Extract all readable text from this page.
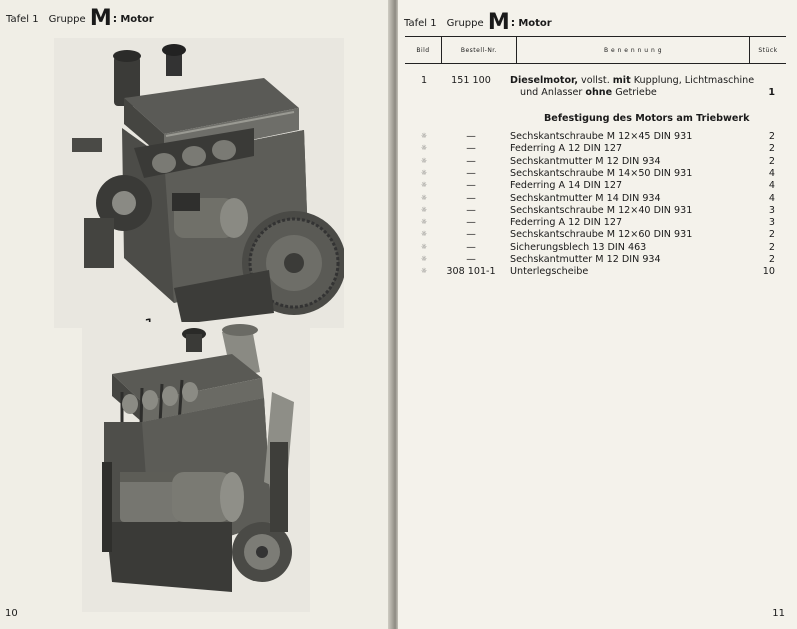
Tafel 1 Gruppe M: Motor
10
Tafel 1 Gruppe M: Motor
Bild	Bestell-Nr.	B e n e n n u n g	Stück
1	151 100	Dieselmotor, vollst. mit Kupplung, Lichtmaschine
und Anlasser ohne Getriebe	1
Befestigung des Motors am Triebwerk
☼	—	Sechskantschraube M 12×45 DIN 931	2
☼	—	Federring A 12 DIN 127	2
☼	—	Sechskantmutter M 12 DIN 934	2
☼	—	Sechskantschraube M 14×50 DIN 931	4
☼	—	Federring A 14 DIN 127	4
☼	—	Sechskantmutter M 14 DIN 934	4
☼	—	Sechskantschraube M 12×40 DIN 931	3
☼	—	Federring A 12 DIN 127	3
☼	—	Sechskantschraube M 12×60 DIN 931	2
☼	—	Sicherungsblech 13 DIN 463	2
☼	—	Sechskantmutter M 12 DIN 934	2
☼	308 101-1 Unterlegscheibe	10
11
